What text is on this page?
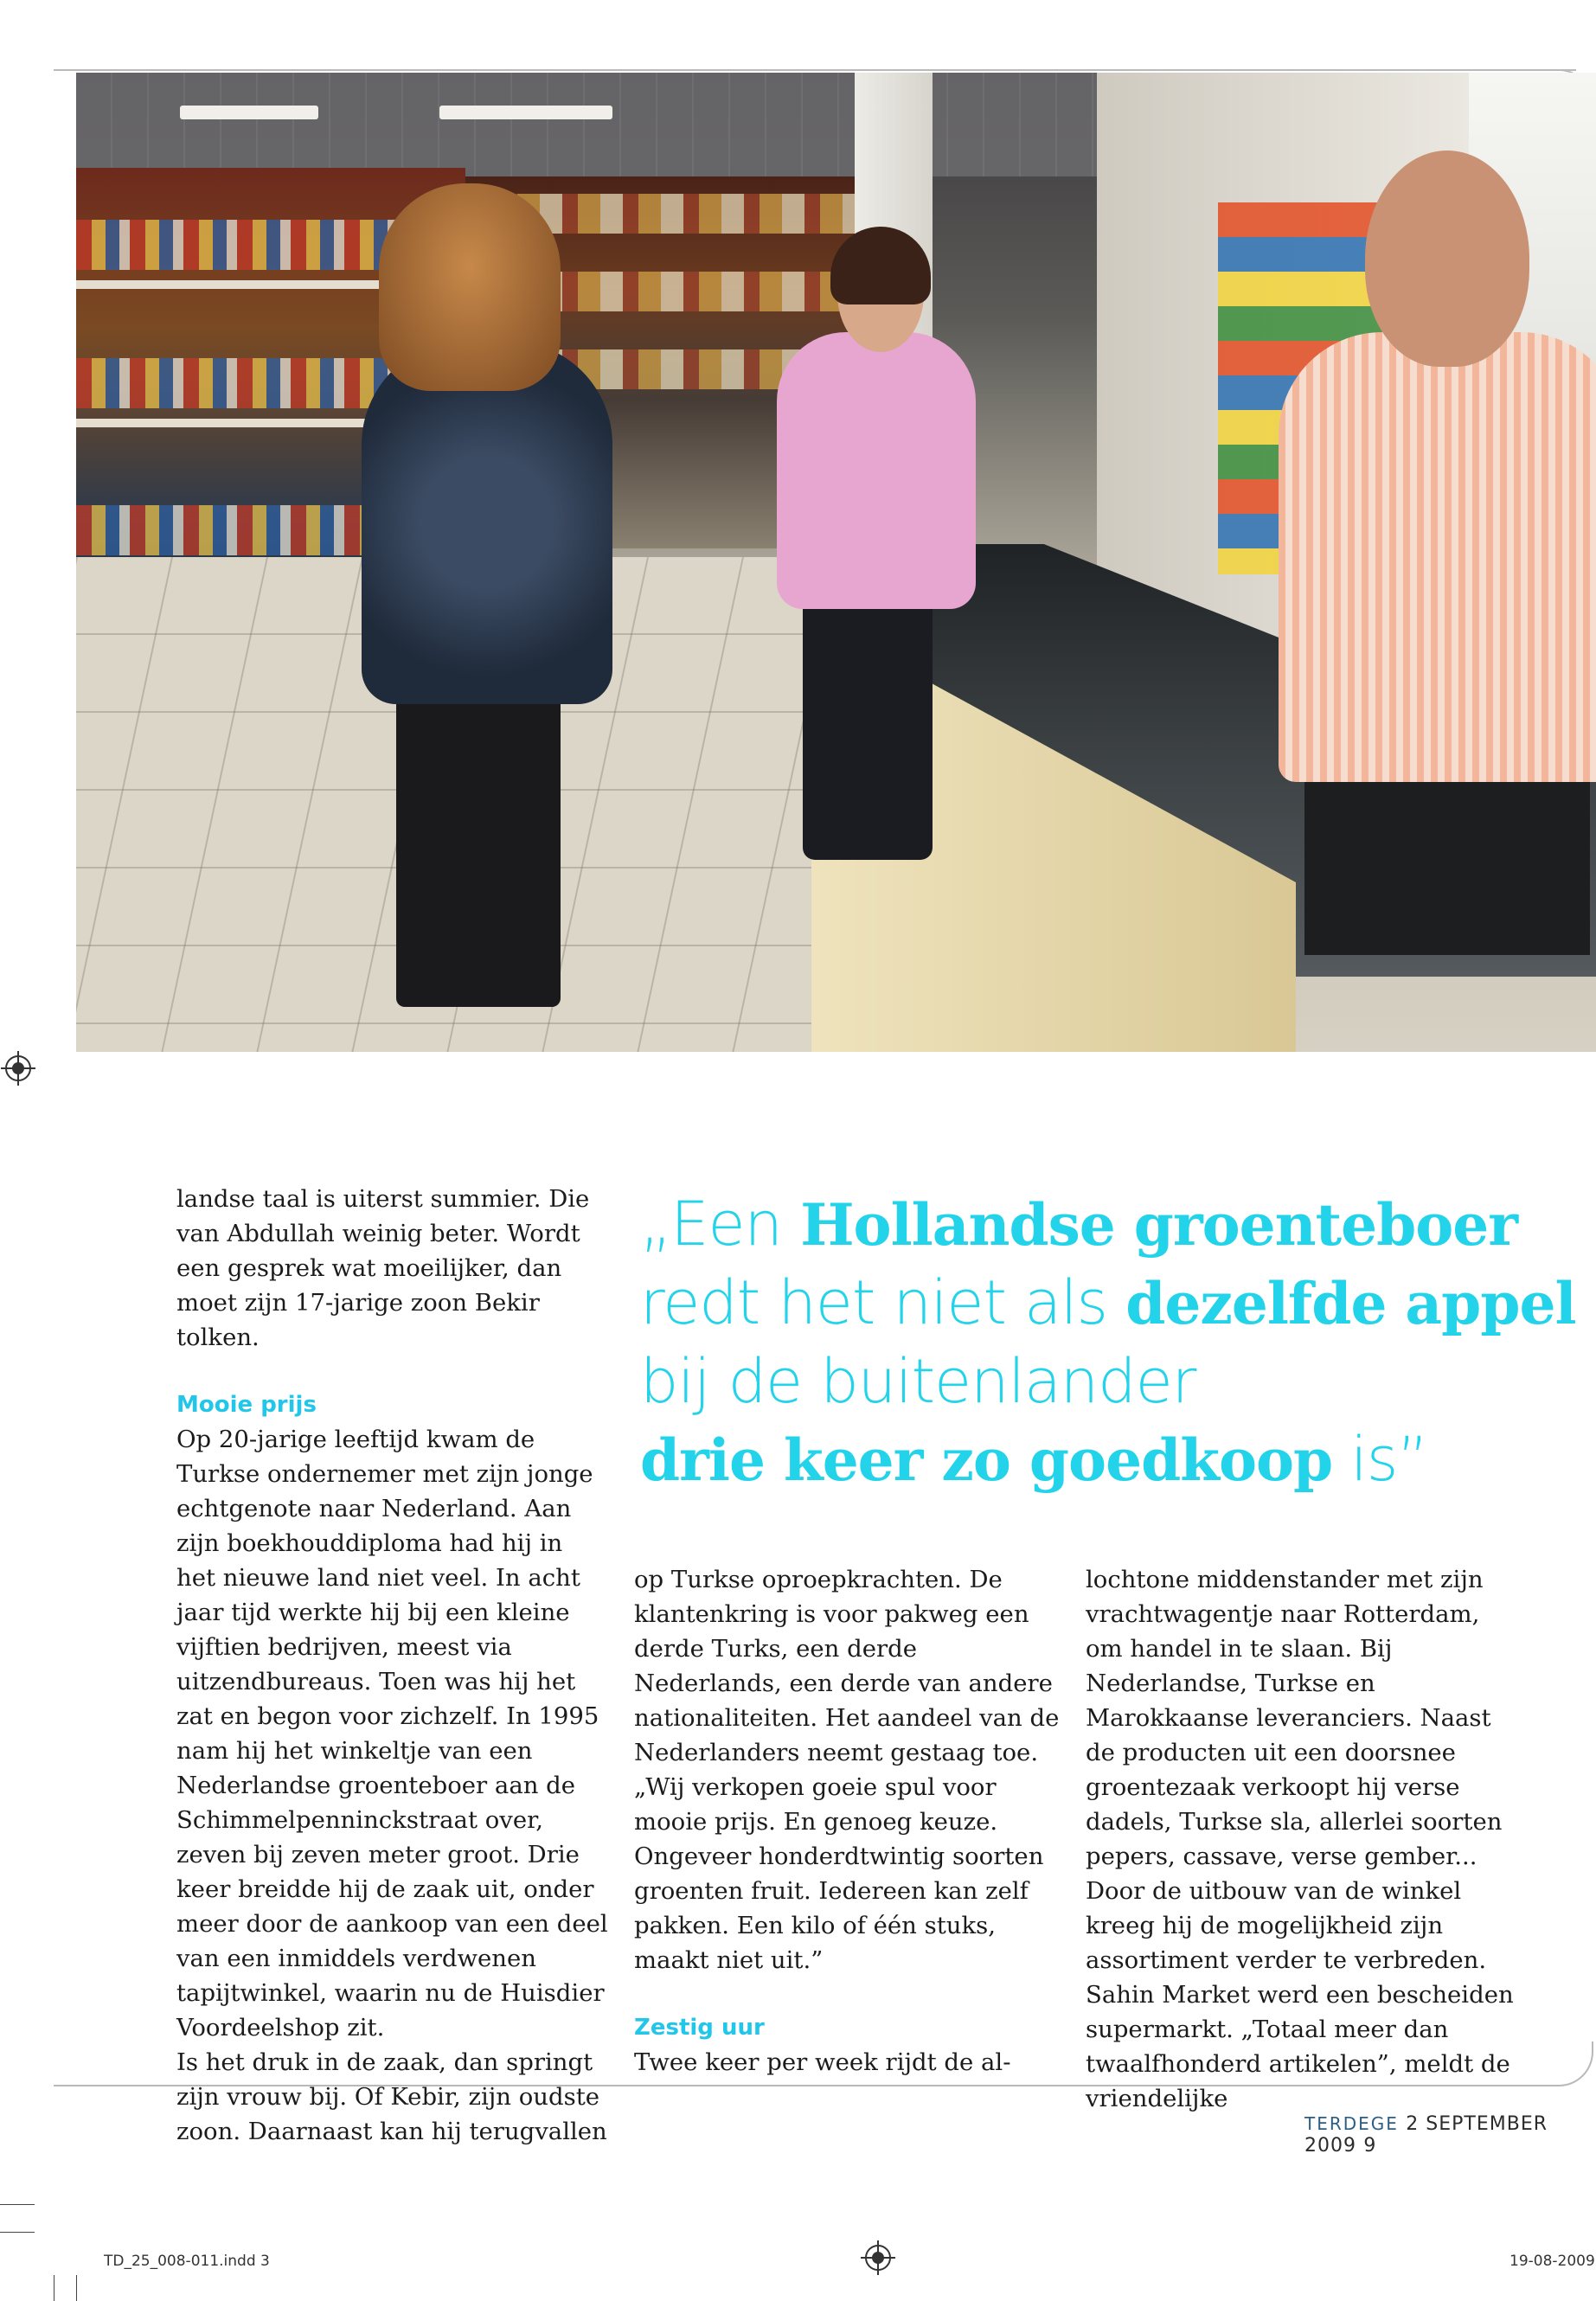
landse taal is uiterst summier. Die van Abdullah weinig beter. Wordt een gesprek wat moeilijker, dan moet zijn 17-jarige zoon Bekir tolken.

Mooie prijs

Op 20-jarige leeftijd kwam de Turkse ondernemer met zijn jonge echtgenote naar Nederland. Aan zijn boekhouddiploma had hij in het nieuwe land niet veel. In acht jaar tijd werkte hij bij een kleine vijftien bedrijven, meest via uitzendbureaus. Toen was hij het zat en begon voor zichzelf. In 1995 nam hij het winkeltje van een Nederlandse groenteboer aan de Schimmelpenninckstraat over, zeven bij zeven meter groot. Drie keer breidde hij de zaak uit, onder meer door de aankoop van een deel van een inmiddels verdwenen tapijtwinkel, waarin nu de Huisdier Voordeelshop zit.

Is het druk in de zaak, dan springt zijn vrouw bij. Of Kebir, zijn oudste zoon. Daarnaast kan hij terugvallen

„Een Hollandse groenteboer
redt het niet als dezelfde appel
bij de buitenlander
drie keer zo goedkoop is”

op Turkse oproepkrachten. De klantenkring is voor pakweg een derde Turks, een derde Nederlands, een derde van andere nationaliteiten. Het aandeel van de Nederlanders neemt gestaag toe. „Wij verkopen goeie spul voor mooie prijs. En genoeg keuze. Ongeveer honderdtwintig soorten groenten fruit. Iedereen kan zelf pakken. Een kilo of één stuks, maakt niet uit.”

Zestig uur

Twee keer per week rijdt de al-

lochtone middenstander met zijn vrachtwagentje naar Rotterdam, om handel in te slaan. Bij Nederlandse, Turkse en Marokkaanse leveranciers. Naast de producten uit een doorsnee groentezaak verkoopt hij verse dadels, Turkse sla, allerlei soorten pepers, cassave, verse gember...

Door de uitbouw van de winkel kreeg hij de mogelijkheid zijn assortiment verder te verbreden. Sahin Market werd een bescheiden supermarkt. „Totaal meer dan twaalfhonderd artikelen”, meldt de vriendelijke

TERDEGE 2 SEPTEMBER 2009 9
TD_25_008-011.indd 3	19-08-2009
